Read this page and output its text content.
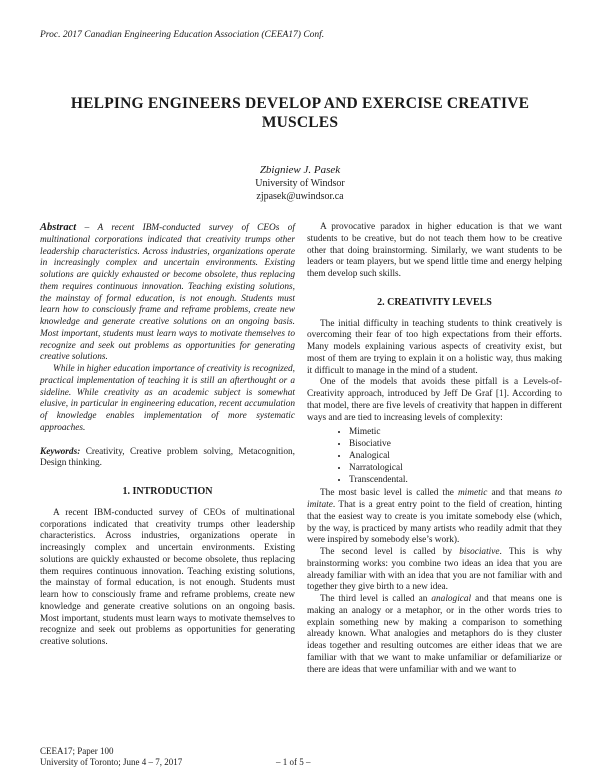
Proc. 2017 Canadian Engineering Education Association (CEEA17) Conf.
HELPING ENGINEERS DEVELOP AND EXERCISE CREATIVE
MUSCLES
Zbigniew J. Pasek
University of Windsor
zjpasek@uwindsor.ca

Abstract – A recent IBM-conducted survey of CEOs of multinational corporations indicated that creativity trumps other leadership characteristics. Across industries, organizations operate in increasingly complex and uncertain environments. Existing solutions are quickly exhausted or become obsolete, thus replacing them requires continuous innovation. Teaching existing solutions, the mainstay of formal education, is not enough. Students must learn how to consciously frame and reframe problems, create new knowledge and generate creative solutions on an ongoing basis. Most important, students must learn ways to motivate themselves to recognize and seek out problems as opportunities for generating creative solutions.

While in higher education importance of creativity is recognized, practical implementation of teaching it is still an afterthought or a sideline. While creativity as an academic subject is somewhat elusive, in particular in engineering education, recent accumulation of knowledge enables implementation of more systematic approaches.

Keywords: Creativity, Creative problem solving, Metacognition, Design thinking.

1. INTRODUCTION

A recent IBM-conducted survey of CEOs of multinational corporations indicated that creativity trumps other leadership characteristics. Across industries, organizations operate in increasingly complex and uncertain environments. Existing solutions are quickly exhausted or become obsolete, thus replacing them requires continuous innovation. Teaching existing solutions, the mainstay of formal education, is not enough. Students must learn how to consciously frame and reframe problems, create new knowledge and generate creative solutions on an ongoing basis. Most important, students must learn ways to motivate themselves to recognize and seek out problems as opportunities for generating creative solutions.

A provocative paradox in higher education is that we want students to be creative, but do not teach them how to be creative other that doing brainstorming. Similarly, we want students to be leaders or team players, but we spend little time and energy helping them develop such skills.

2. CREATIVITY LEVELS

The initial difficulty in teaching students to think creatively is overcoming their fear of too high expectations from their efforts. Many models explaining various aspects of creativity exist, but most of them are trying to explain it on a holistic way, thus making it difficult to manage in the mind of a student.

One of the models that avoids these pitfall is a Levels-of-Creativity approach, introduced by Jeff De Graf [1]. According to that model, there are five levels of creativity that happen in different ways and are tied to increasing levels of complexity:

• Mimetic
• Bisociative
• Analogical
• Narratological
• Transcendental.

The most basic level is called the mimetic and that means to imitate. That is a great entry point to the field of creation, hinting that the easiest way to create is you imitate somebody else (which, by the way, is practiced by many artists who readily admit that they were inspired by somebody else’s work).

The second level is called by bisociative. This is why brainstorming works: you combine two ideas an idea that you are already familiar with with an idea that you are not familiar with and together they give birth to a new idea.

The third level is called an analogical and that means one is making an analogy or a metaphor, or in the other words tries to explain something new by making a comparison to something already known. What analogies and metaphors do is they cluster ideas together and resulting outcomes are either ideas that we are familiar with that we want to make unfamiliar or defamiliarize or there are ideas that were unfamiliar with and we want to

CEEA17; Paper 100
University of Toronto; June 4 – 7, 2017	– 1 of 5 –
